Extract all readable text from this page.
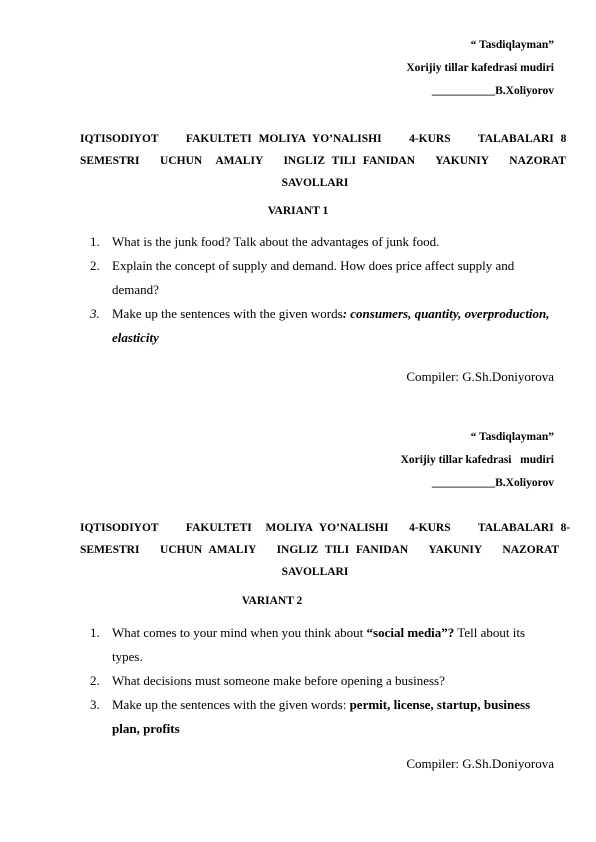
“ Tasdiqlayman”
Xorijiy tillar kafedrasi mudiri
___________B.Xoliyorov
IQTISODIYOT    FAKULTETI MOLIYA YO’NALISHI    4-KURS    TALABALARI 8
SEMESTRI   UCHUN  AMALIY   INGLIZ TILI FANIDAN   YAKUNIY   NAZORAT
SAVOLLARI
VARIANT 1
1. What is the junk food? Talk about the advantages of junk food.
2. Explain the concept of supply and demand. How does price affect supply and demand?
3. Make up the sentences with the given words: consumers, quantity, overproduction, elasticity
Compiler: G.Sh.Doniyorova
“ Tasdiqlayman”
Xorijiy tillar kafedrasi   mudiri
___________B.Xoliyorov
IQTISODIYOT    FAKULTETI  MOLIYA YO’NALISHI   4-KURS    TALABALARI 8-
SEMESTRI   UCHUN AMALIY   INGLIZ TILI FANIDAN   YAKUNIY   NAZORAT
SAVOLLARI
VARIANT 2
1. What comes to your mind when you think about “social media”? Tell about its types.
2. What decisions must someone make before opening a business?
3. Make up the sentences with the given words: permit, license, startup, business plan, profits
Compiler: G.Sh.Doniyorova
